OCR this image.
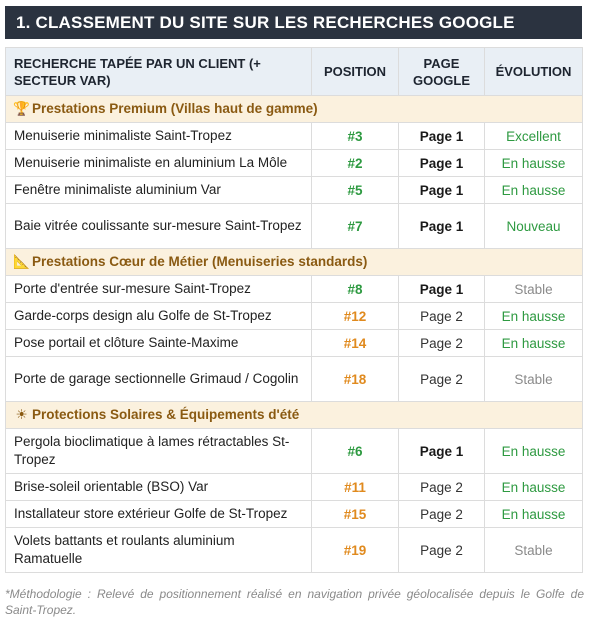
1. CLASSEMENT DU SITE SUR LES RECHERCHES GOOGLE
RECHERCHE TAPÉE PAR UN CLIENT (+ SECTEUR VAR)	POSITION	PAGE GOOGLE	ÉVOLUTION
🏆 Prestations Premium (Villas haut de gamme)			
Menuiserie minimaliste Saint-Tropez	#3	Page 1	Excellent
Menuiserie minimaliste en aluminium La Môle	#2	Page 1	En hausse
Fenêtre minimaliste aluminium Var	#5	Page 1	En hausse
Baie vitrée coulissante sur-mesure Saint-Tropez	#7	Page 1	Nouveau
📐 Prestations Cœur de Métier (Menuiseries standards)			
Porte d'entrée sur-mesure Saint-Tropez	#8	Page 1	Stable
Garde-corps design alu Golfe de St-Tropez	#12	Page 2	En hausse
Pose portail et clôture Sainte-Maxime	#14	Page 2	En hausse
Porte de garage sectionnelle Grimaud / Cogolin	#18	Page 2	Stable
☀ Protections Solaires & Équipements d'été			
Pergola bioclimatique à lames rétractables St-Tropez	#6	Page 1	En hausse
Brise-soleil orientable (BSO) Var	#11	Page 2	En hausse
Installateur store extérieur Golfe de St-Tropez	#15	Page 2	En hausse
Volets battants et roulants aluminium Ramatuelle	#19	Page 2	Stable
*Méthodologie : Relevé de positionnement réalisé en navigation privée géolocalisée depuis le Golfe de Saint-Tropez.
